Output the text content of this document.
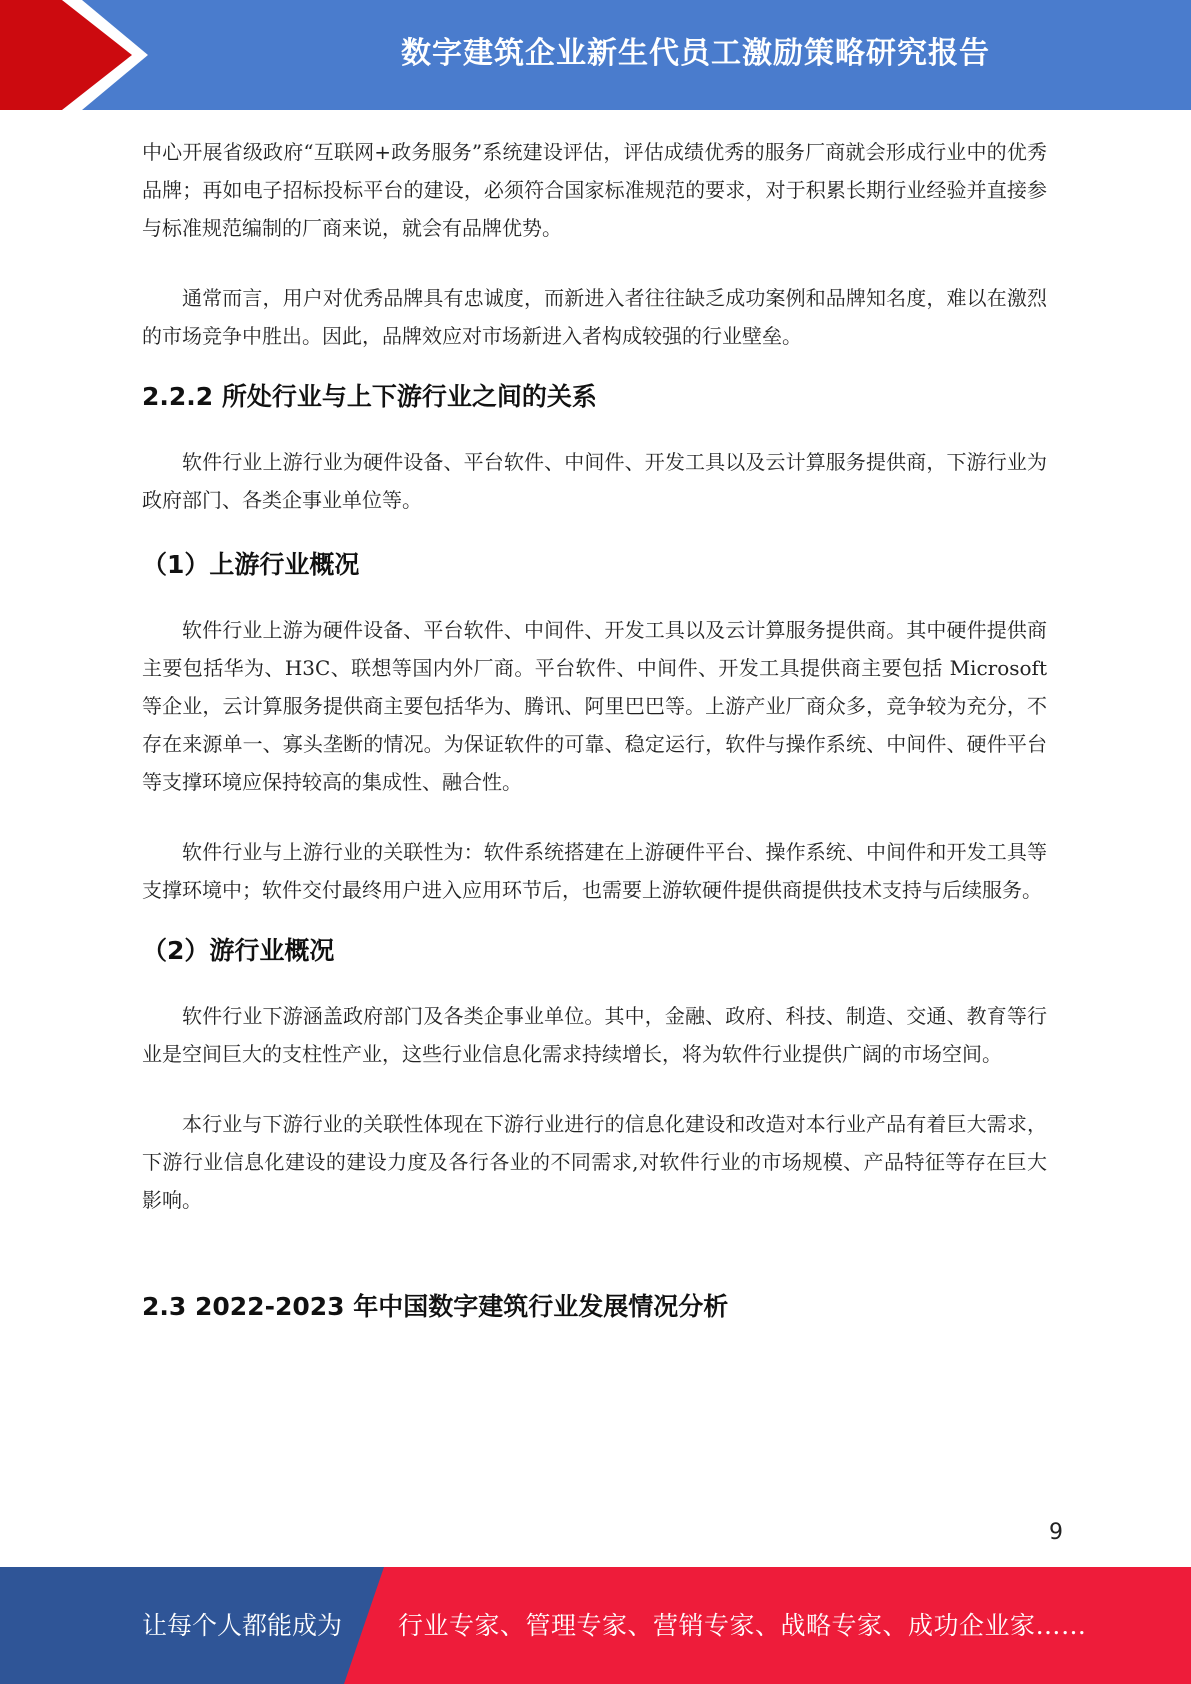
数字建筑企业新生代员工激励策略研究报告

中心开展省级政府“互联网+政务服务”系统建设评估，评估成绩优秀的服务厂商就会形成行业中的优秀品牌；再如电子招标投标平台的建设，必须符合国家标准规范的要求，对于积累长期行业经验并直接参与标准规范编制的厂商来说，就会有品牌优势。

通常而言，用户对优秀品牌具有忠诚度，而新进入者往往缺乏成功案例和品牌知名度，难以在激烈的市场竞争中胜出。因此，品牌效应对市场新进入者构成较强的行业壁垒。

2.2.2 所处行业与上下游行业之间的关系

软件行业上游行业为硬件设备、平台软件、中间件、开发工具以及云计算服务提供商，下游行业为政府部门、各类企事业单位等。

（1）上游行业概况

软件行业上游为硬件设备、平台软件、中间件、开发工具以及云计算服务提供商。其中硬件提供商主要包括华为、H3C、联想等国内外厂商。平台软件、中间件、开发工具提供商主要包括 Microsoft 等企业，云计算服务提供商主要包括华为、腾讯、阿里巴巴等。上游产业厂商众多，竞争较为充分，不存在来源单一、寡头垄断的情况。为保证软件的可靠、稳定运行，软件与操作系统、中间件、硬件平台等支撑环境应保持较高的集成性、融合性。

软件行业与上游行业的关联性为：软件系统搭建在上游硬件平台、操作系统、中间件和开发工具等支撑环境中；软件交付最终用户进入应用环节后，也需要上游软硬件提供商提供技术支持与后续服务。

（2）游行业概况

软件行业下游涵盖政府部门及各类企事业单位。其中，金融、政府、科技、制造、交通、教育等行业是空间巨大的支柱性产业，这些行业信息化需求持续增长，将为软件行业提供广阔的市场空间。

本行业与下游行业的关联性体现在下游行业进行的信息化建设和改造对本行业产品有着巨大需求，下游行业信息化建设的建设力度及各行各业的不同需求,对软件行业的市场规模、产品特征等存在巨大影响。

2.3 2022-2023 年中国数字建筑行业发展情况分析
9
让每个人都能成为 行业专家、管理专家、营销专家、战略专家、成功企业家……
